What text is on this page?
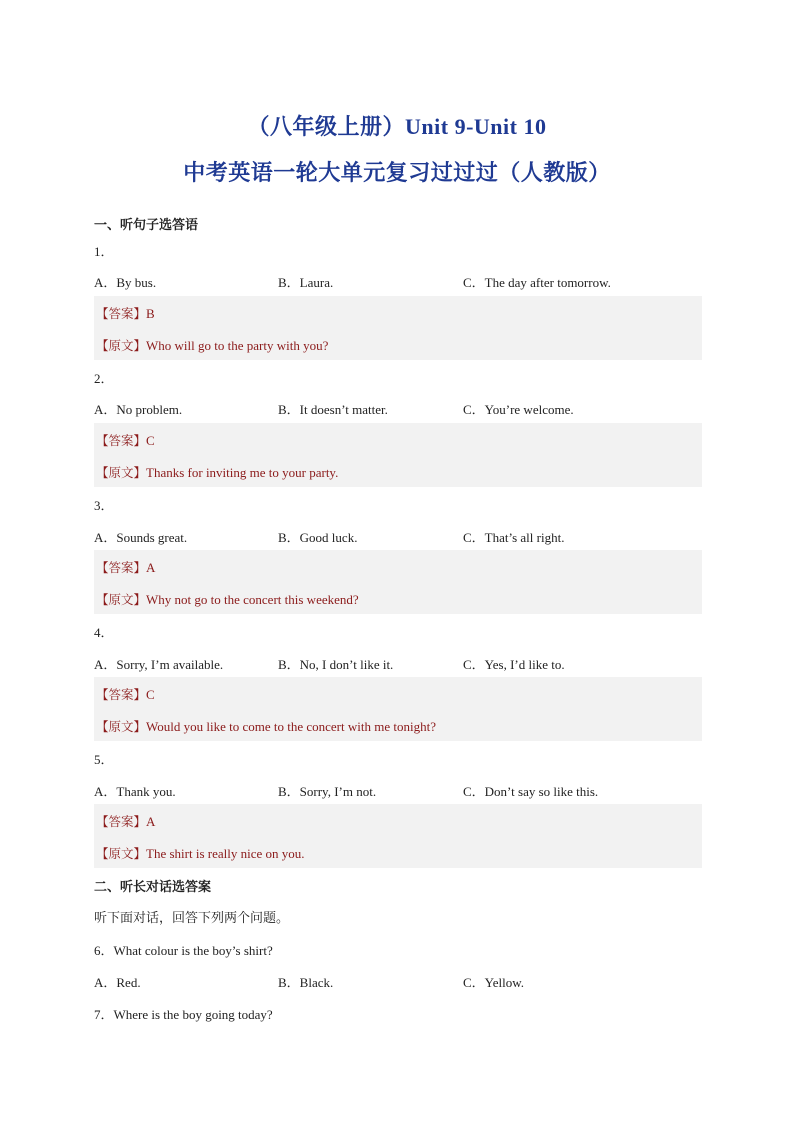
（八年级上册）Unit 9-Unit 10
中考英语一轮大单元复习过过过（人教版）
一、听句子选答语
1．
A．By bus.	B．Laura.	C．The day after tomorrow.
【答案】B
【原文】Who will go to the party with you?
2．
A．No problem.	B．It doesn’t matter.	C．You’re welcome.
【答案】C
【原文】Thanks for inviting me to your party.
3．
A．Sounds great.	B．Good luck.	C．That’s all right.
【答案】A
【原文】Why not go to the concert this weekend?
4．
A．Sorry, I’m available.	B．No, I don’t like it.	C．Yes, I’d like to.
【答案】C
【原文】Would you like to come to the concert with me tonight?
5．
A．Thank you.	B．Sorry, I’m not.	C．Don’t say so like this.
【答案】A
【原文】The shirt is really nice on you.
二、听长对话选答案
听下面对话，回答下列两个问题。
6．What colour is the boy’s shirt?
A．Red.	B．Black.	C．Yellow.
7．Where is the boy going today?
